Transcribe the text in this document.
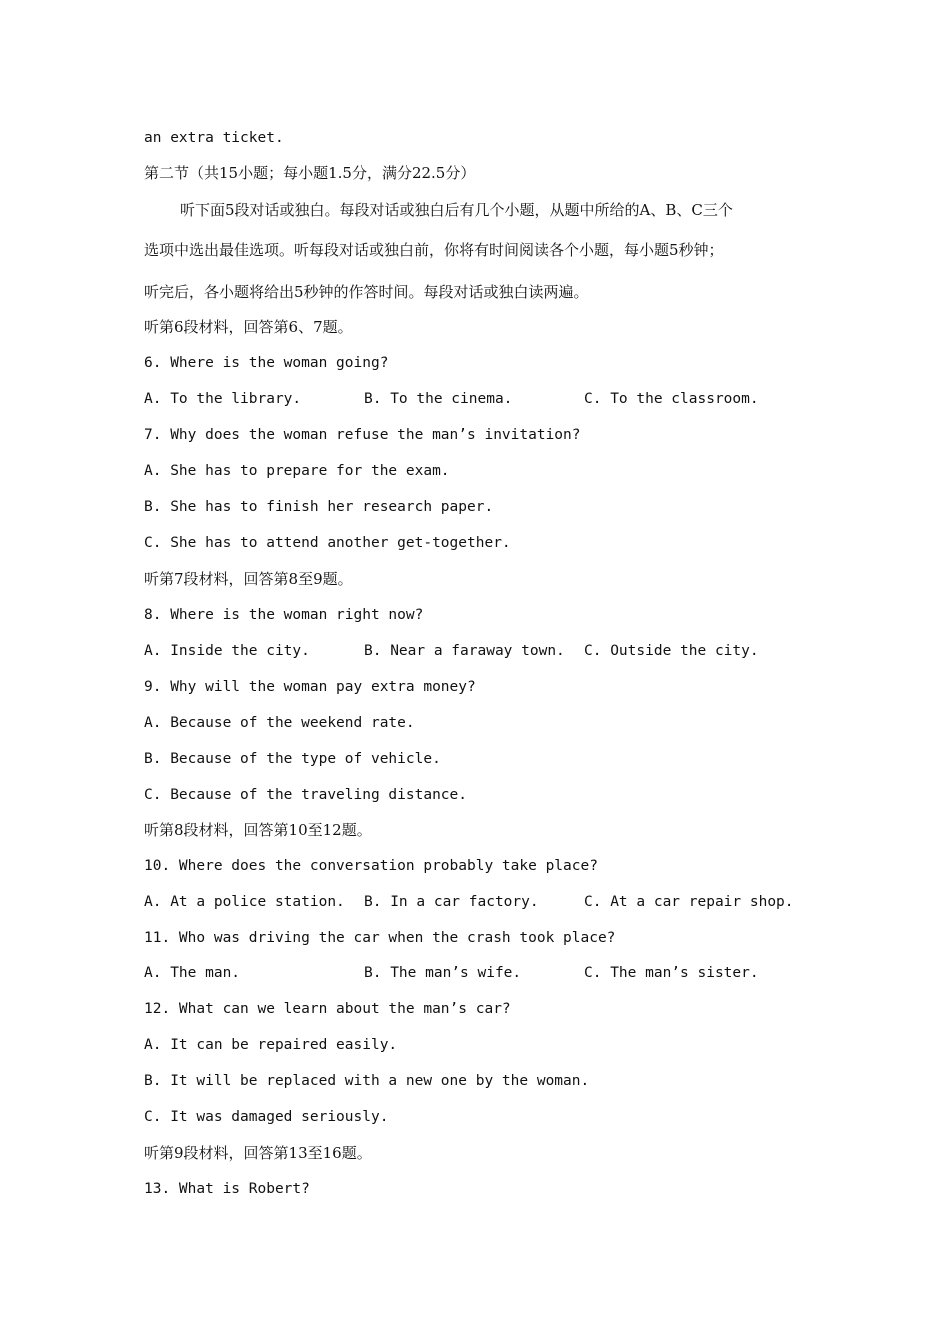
an extra ticket.
第二节（共15小题；每小题1.5分，满分22.5分）
听下面5段对话或独白。每段对话或独白后有几个小题，从题中所给的A、B、C三个
选项中选出最佳选项。听每段对话或独白前，你将有时间阅读各个小题，每小题5秒钟；
听完后，各小题将给出5秒钟的作答时间。每段对话或独白读两遍。
听第6段材料，回答第6、7题。
6. Where is the woman going?
A. To the library.	B. To the cinema.	C. To the classroom.
7. Why does the woman refuse the man’s invitation?
A. She has to prepare for the exam.
B. She has to finish her research paper.
C. She has to attend another get-together.
听第7段材料，回答第8至9题。
8. Where is the woman right now?
A. Inside the city.	B. Near a faraway town. C. Outside the city.
9. Why will the woman pay extra money?
A. Because of the weekend rate.
B. Because of the type of vehicle.
C. Because of the traveling distance.
听第8段材料，回答第10至12题。
10. Where does the conversation probably take place?
A. At a police station. B. In a car factory.	C. At a car repair shop.
11. Who was driving the car when the crash took place?
A. The man.	B. The man’s wife.	C. The man’s sister.
12. What can we learn about the man’s car?
A. It can be repaired easily.
B. It will be replaced with a new one by the woman.
C. It was damaged seriously.
听第9段材料，回答第13至16题。
13. What is Robert?
